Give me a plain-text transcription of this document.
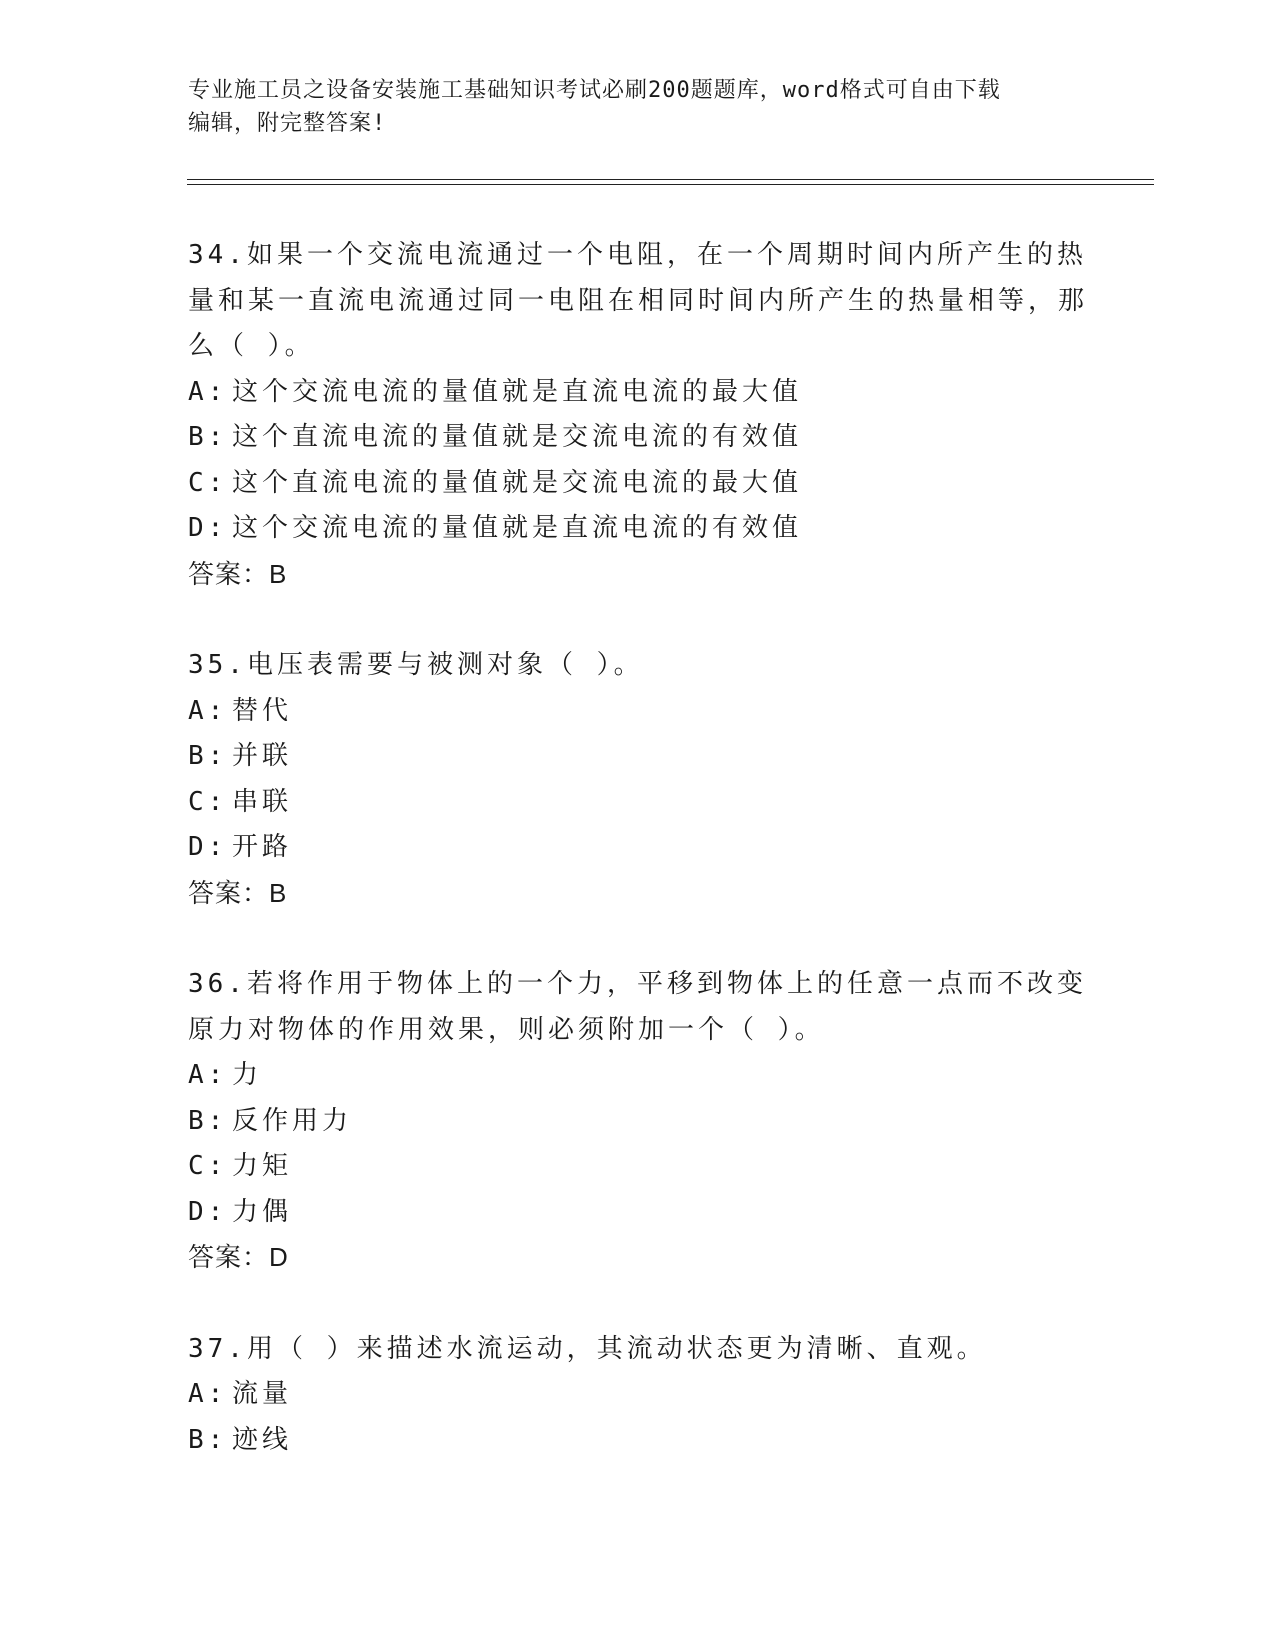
专业施工员之设备安装施工基础知识考试必刷200题题库，word格式可自由下载
编辑，附完整答案!

34.如果一个交流电流通过一个电阻，在一个周期时间内所产生的热量和某一直流电流通过同一电阻在相同时间内所产生的热量相等，那么（ ）。

A: 这个交流电流的量值就是直流电流的最大值
B: 这个直流电流的量值就是交流电流的有效值
C: 这个直流电流的量值就是交流电流的最大值
D: 这个交流电流的量值就是直流电流的有效值
答案：B

35.电压表需要与被测对象（ ）。

A: 替代
B: 并联
C: 串联
D: 开路
答案：B

36.若将作用于物体上的一个力，平移到物体上的任意一点而不改变原力对物体的作用效果，则必须附加一个（ ）。

A: 力
B: 反作用力
C: 力矩
D: 力偶
答案：D

37.用（ ）来描述水流运动，其流动状态更为清晰、直观。

A: 流量
B: 迹线
